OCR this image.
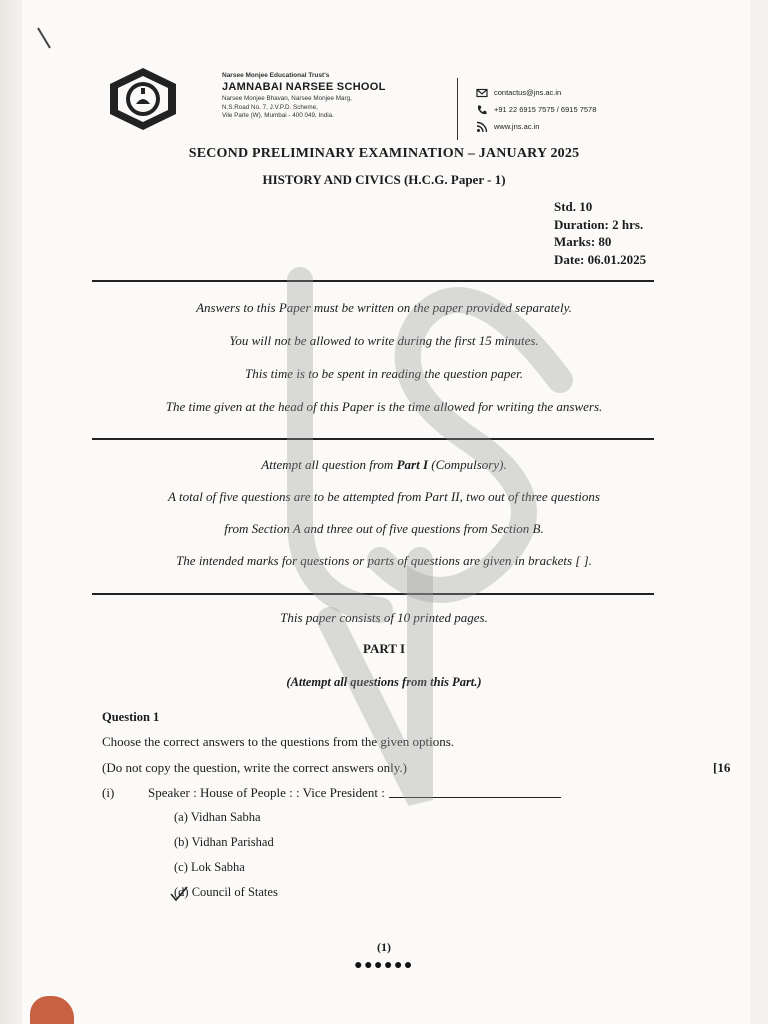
Narsee Monjee Educational Trust's
JAMNABAI NARSEE SCHOOL
Narsee Monjee Bhavan, Narsee Monjee Marg,
N.S.Road No. 7, J.V.P.D. Scheme,
Vile Parle (W), Mumbai - 400 049, India.
contactus@jns.ac.in
+91 22 6915 7575 / 6915 7578
www.jns.ac.in
SECOND PRELIMINARY EXAMINATION – JANUARY 2025
HISTORY AND CIVICS (H.C.G. Paper - 1)
Std. 10
Duration: 2 hrs.
Marks: 80
Date: 06.01.2025
Answers to this Paper must be written on the paper provided separately.
You will not be allowed to write during the first 15 minutes.
This time is to be spent in reading the question paper.
The time given at the head of this Paper is the time allowed for writing the answers.
Attempt all question from Part I (Compulsory).
A total of five questions are to be attempted from Part II, two out of three questions
from Section A and three out of five questions from Section B.
The intended marks for questions or parts of questions are given in brackets [ ].
This paper consists of 10 printed pages.
PART I
(Attempt all questions from this Part.)
Question 1
Choose the correct answers to the questions from the given options.
(Do not copy the question, write the correct answers only.)	[16
(i)	Speaker : House of People : : Vice President :
(a) Vidhan Sabha
(b) Vidhan Parishad
(c) Lok Sabha
(d) Council of States
(1)
●●●●●●
